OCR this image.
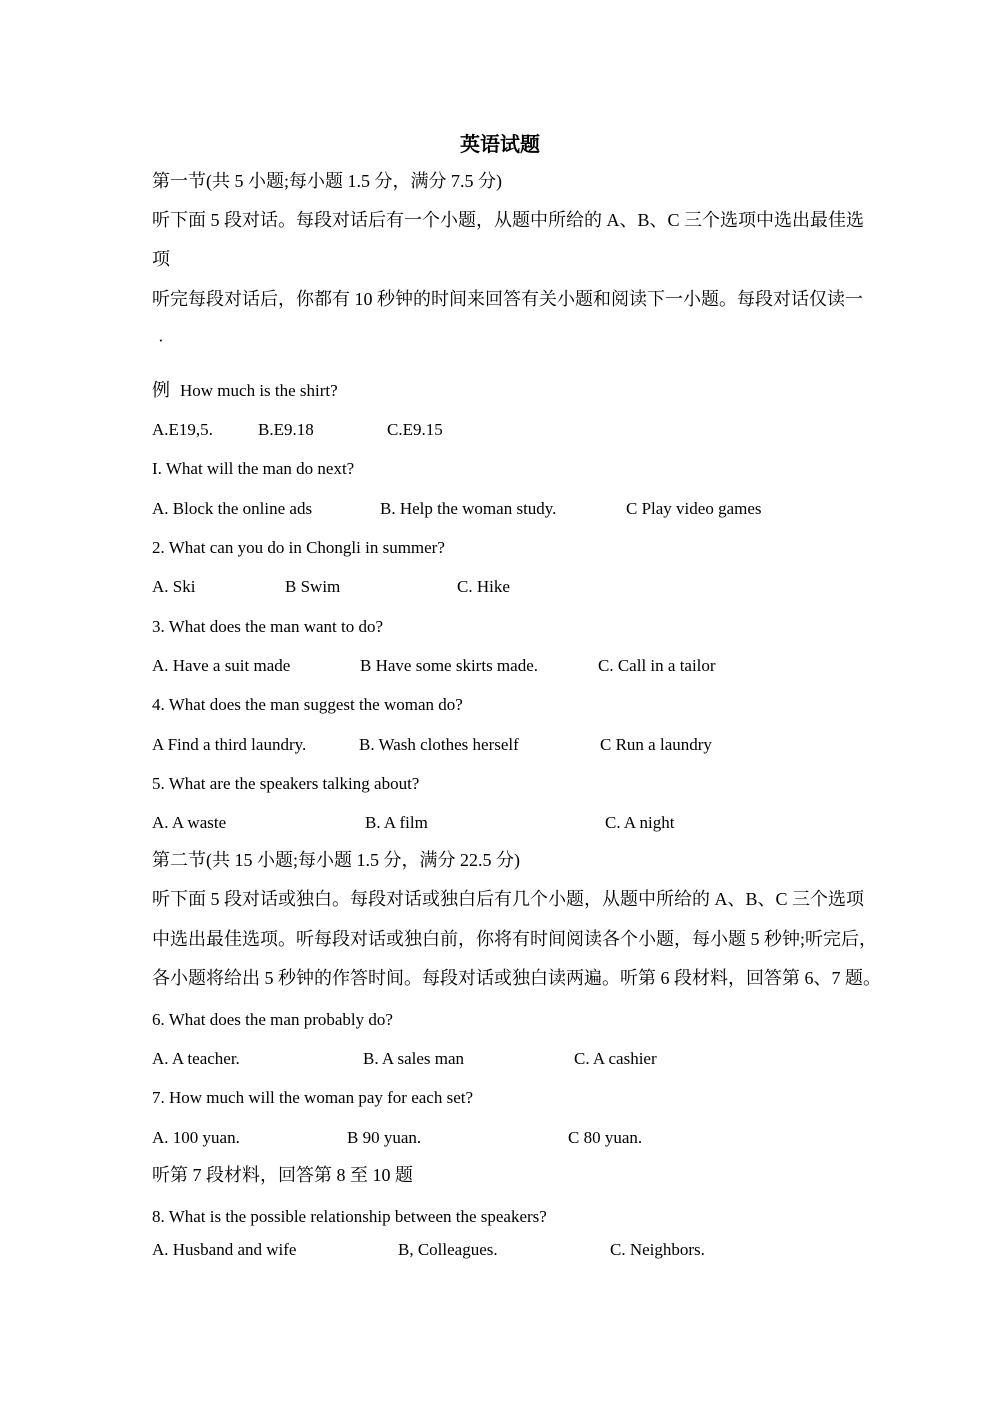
英语试题
第一节(共 5 小题;每小题 1.5 分，满分 7.5 分)
听下面 5 段对话。每段对话后有一个小题，从题中所给的 A、B、C 三个选项中选出最佳选
项
听完每段对话后，你都有 10 秒钟的时间来回答有关小题和阅读下一小题。每段对话仅读一
·
例 How much is the shirt?
A.E19,5.	B.E9.18	C.E9.15
I. What will the man do next?
A. Block the online ads	B. Help the woman study.	C Play video games
2. What can you do in Chongli in summer?
A. Ski	B Swim	C. Hike
3. What does the man want to do?
A. Have a suit made	B Have some skirts made.	C. Call in a tailor
4. What does the man suggest the woman do?
A Find a third laundry.	B. Wash clothes herself	C Run a laundry
5. What are the speakers talking about?
A. A waste	B. A film	C. A night
第二节(共 15 小题;每小题 1.5 分，满分 22.5 分)
听下面 5 段对话或独白。每段对话或独白后有几个小题，从题中所给的 A、B、C 三个选项
中选出最佳选项。听每段对话或独白前，你将有时间阅读各个小题，每小题 5 秒钟;听完后，
各小题将给出 5 秒钟的作答时间。每段对话或独白读两遍。听第 6 段材料，回答第 6、7 题。
6. What does the man probably do?
A. A teacher.	B. A sales man	C. A cashier
7. How much will the woman pay for each set?
A. 100 yuan.	B 90 yuan.	C 80 yuan.
听第 7 段材料，回答第 8 至 10 题
8. What is the possible relationship between the speakers?
A. Husband and wife	B, Colleagues.	C. Neighbors.
